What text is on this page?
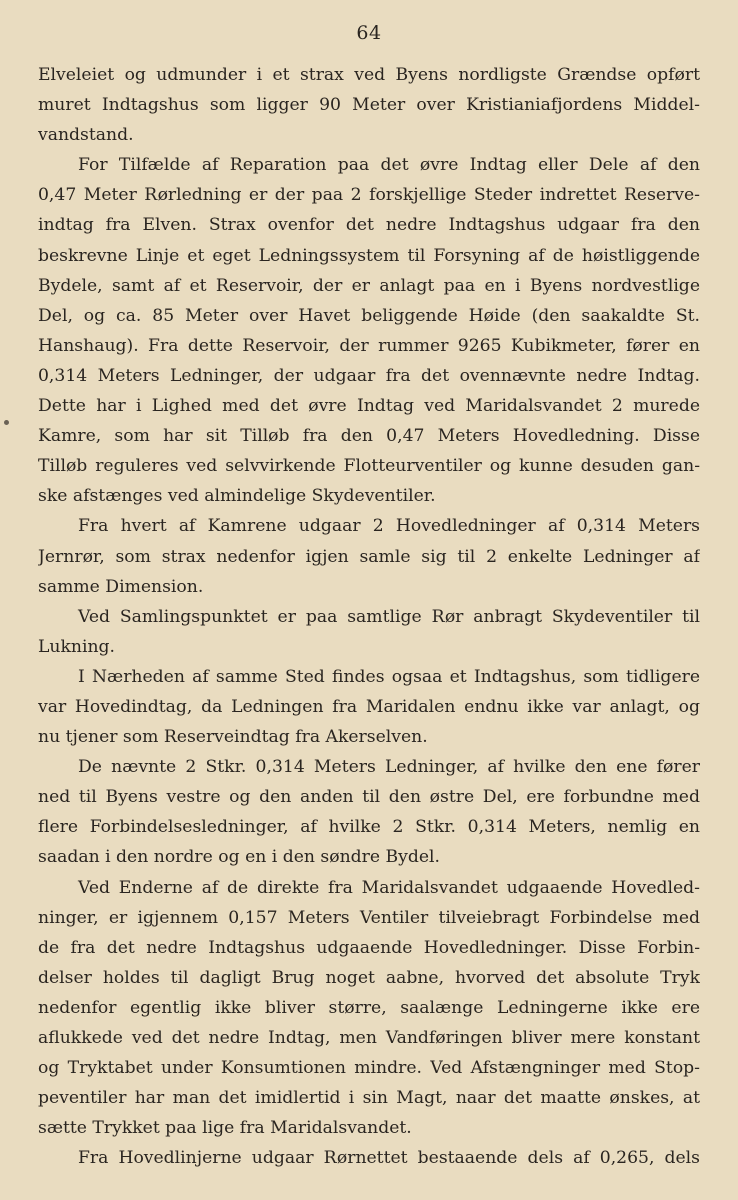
64
Elveleiet og udmunder i et strax ved Byens nordligste Grændse opført
muret Indtagshus som ligger 90 Meter over Kristianiafjordens Middel-
vandstand.
For Tilfælde af Reparation paa det øvre Indtag eller Dele af den
0,47 Meter Rørledning er der paa 2 forskjellige Steder indrettet Reserve-
indtag fra Elven. Strax ovenfor det nedre Indtagshus udgaar fra den
beskrevne Linje et eget Ledningssystem til Forsyning af de høistliggende
Bydele, samt af et Reservoir, der er anlagt paa en i Byens nordvestlige
Del, og ca. 85 Meter over Havet beliggende Høide (den saakaldte St.
Hanshaug). Fra dette Reservoir, der rummer 9265 Kubikmeter, fører en
0,314 Meters Ledninger, der udgaar fra det ovennævnte nedre Indtag.
Dette har i Lighed med det øvre Indtag ved Maridalsvandet 2 murede
Kamre, som har sit Tilløb fra den 0,47 Meters Hovedledning. Disse
Tilløb reguleres ved selvvirkende Flottеurventiler og kunne desuden gan-
ske afstænges ved almindelige Skydeventiler.
Fra hvert af Kamrene udgaar 2 Hovedledninger af 0,314 Meters
Jernrør, som strax nedenfor igjen samle sig til 2 enkelte Ledninger af
samme Dimension.
Ved Samlingspunktet er paa samtlige Rør anbragt Skydeventiler til
Lukning.
I Nærheden af samme Sted findes ogsaa et Indtagshus, som tidligere
var Hovedindtag, da Ledningen fra Maridalen endnu ikke var anlagt, og
nu tjener som Reserveindtag fra Akerselven.
De nævnte 2 Stkr. 0,314 Meters Ledninger, af hvilke den ene fører
ned til Byens vestre og den anden til den østre Del, ere forbundne med
flere Forbindelsesledninger, af hvilke 2 Stkr. 0,314 Meters, nemlig en
saadan i den nordre og en i den søndre Bydel.
Ved Enderne af de direkte fra Maridalsvandet udgaaende Hovedled-
ninger, er igjennem 0,157 Meters Ventiler tilveiebragt Forbindelse med
de fra det nedre Indtagshus udgaaende Hovedledninger. Disse Forbin-
delser holdes til dagligt Brug noget aabne, hvorved det absolute Tryk
nedenfor egentlig ikke bliver større, saalænge Ledningerne ikke ere
aflukkede ved det nedre Indtag, men Vandføringen bliver mere konstant
og Tryktabet under Konsumtionen mindre. Ved Afstængninger med Stop-
peventiler har man det imidlertid i sin Magt, naar det maatte ønskes, at
sætte Trykket paa lige fra Maridalsvandet.
Fra Hovedlinjerne udgaar Rørnettet bestaaende dels af 0,265, dels
